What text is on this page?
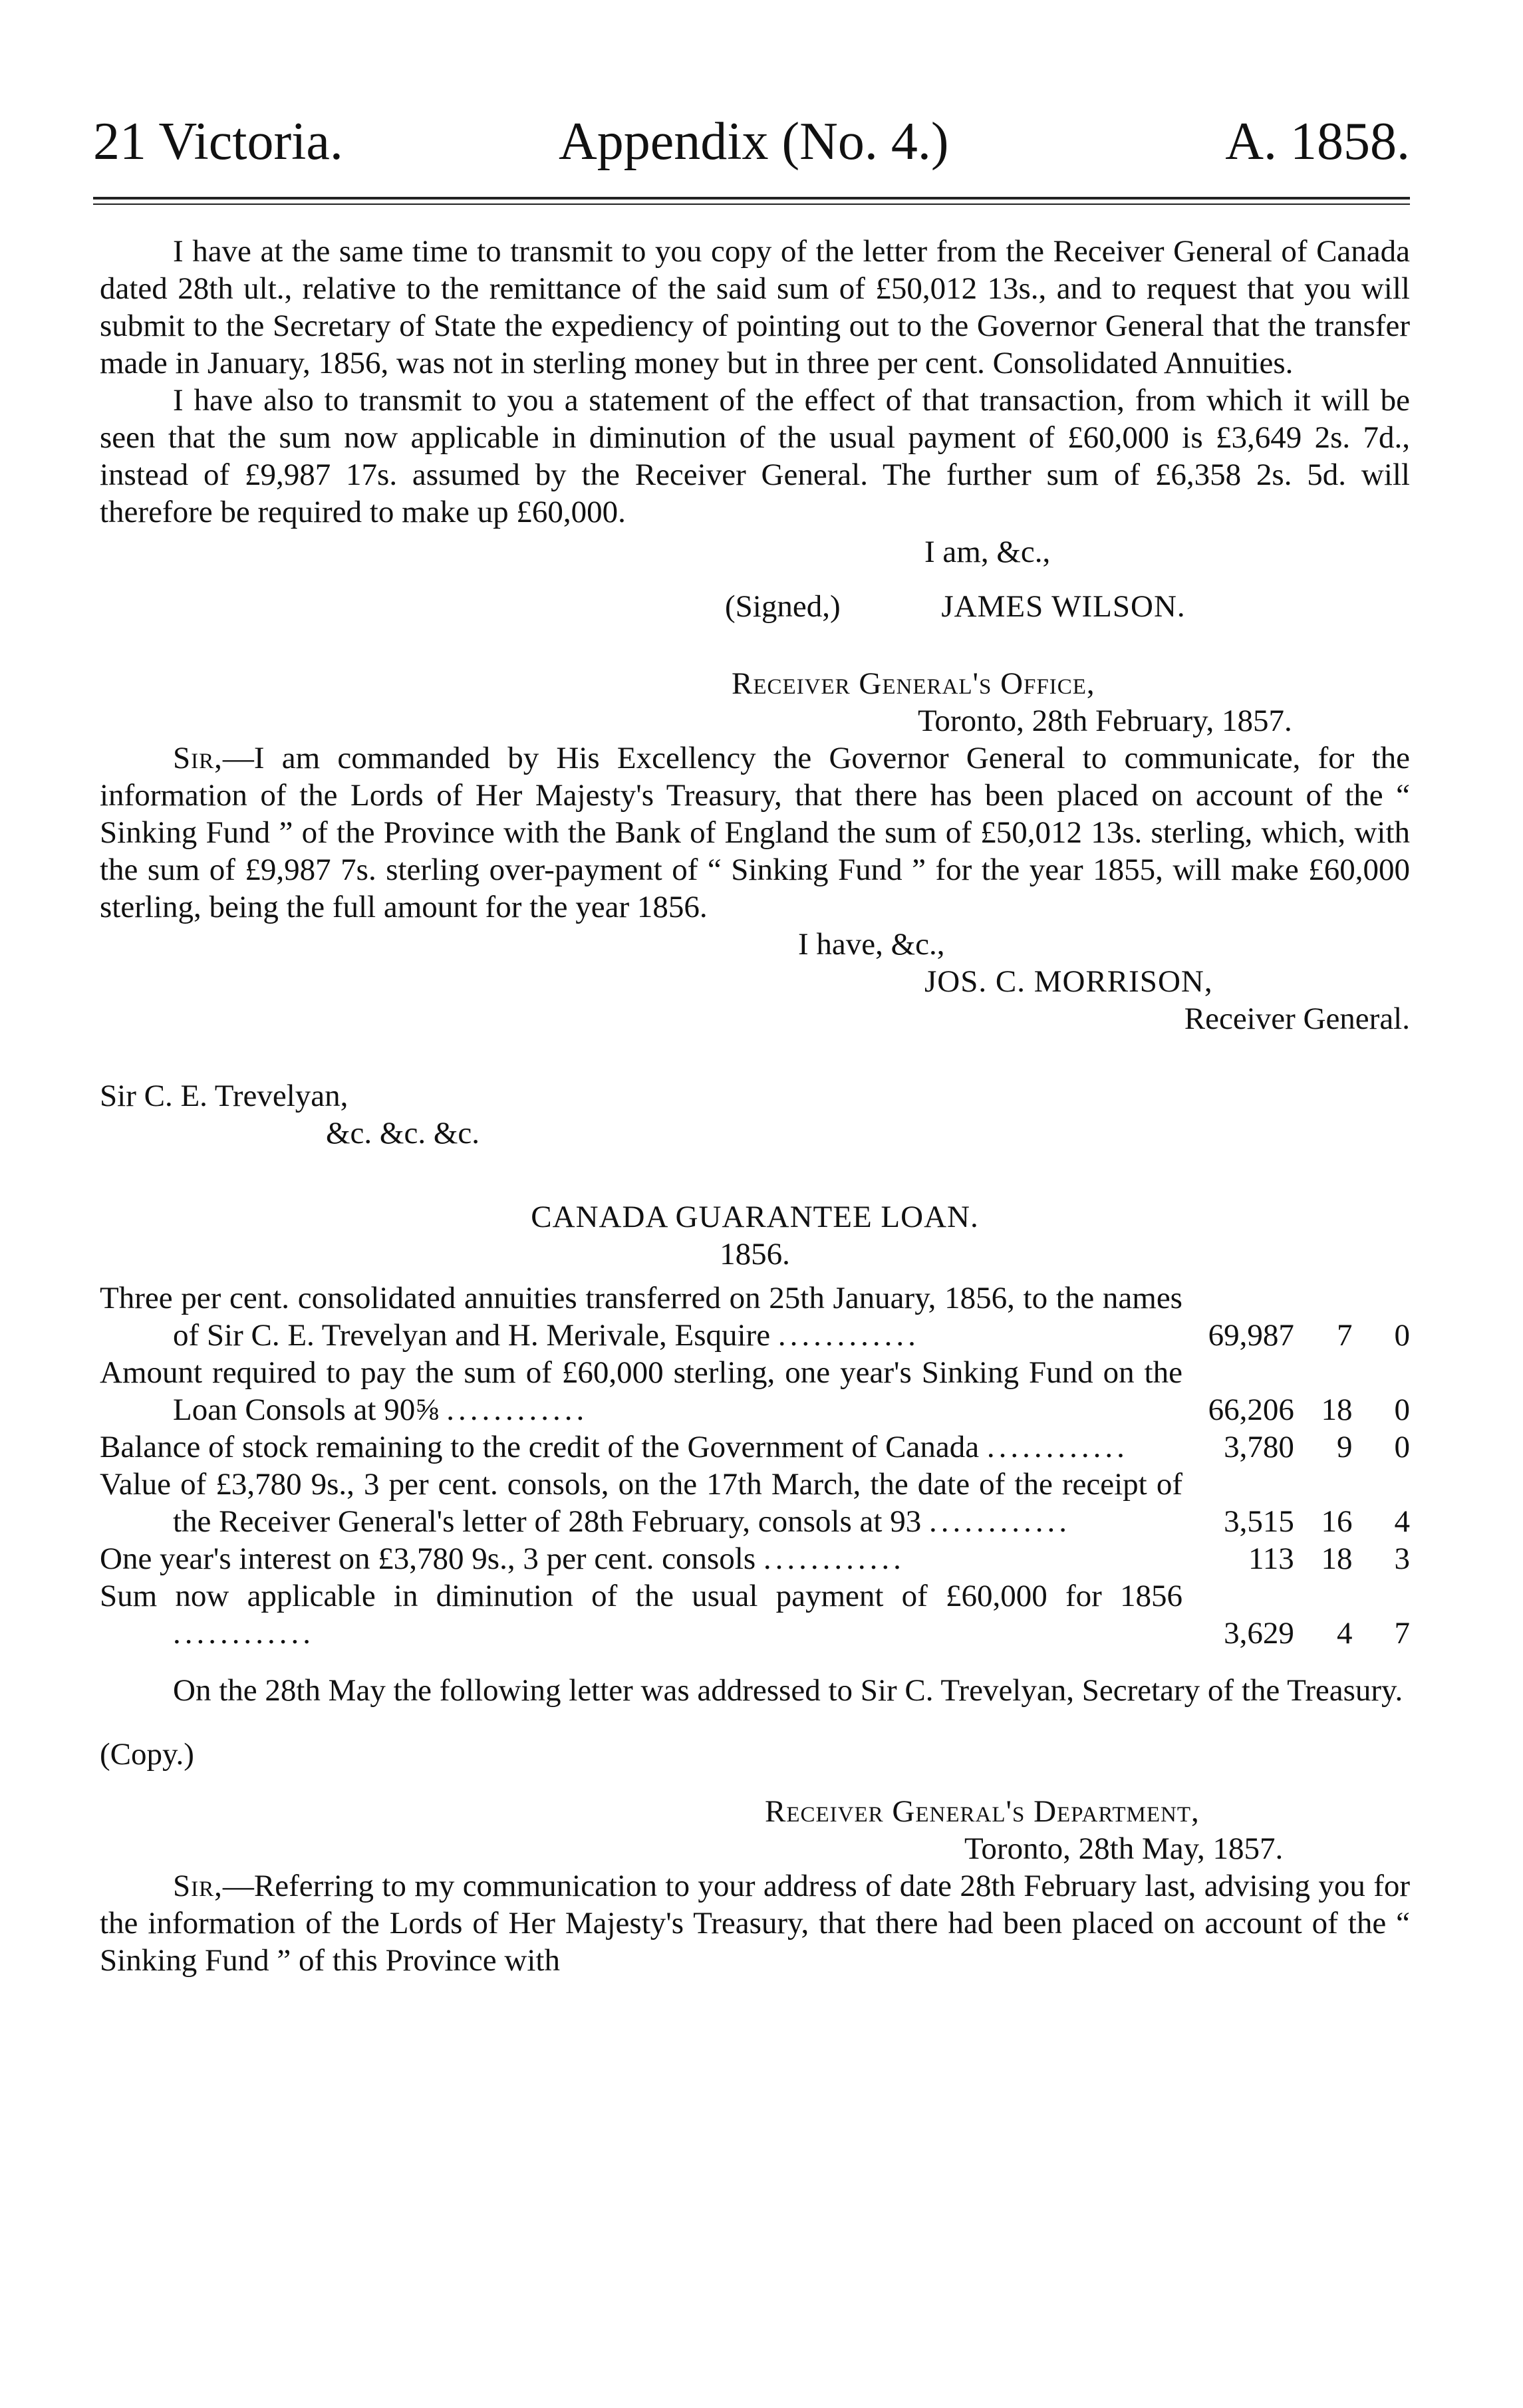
21 Victoria.	Appendix (No. 4.)	A. 1858.

I have at the same time to transmit to you copy of the letter from the Receiver General of Canada dated 28th ult., relative to the remittance of the said sum of £50,012 13s., and to request that you will submit to the Secretary of State the expediency of pointing out to the Governor General that the transfer made in January, 1856, was not in sterling money but in three per cent. Consolidated Annuities.

I have also to transmit to you a statement of the effect of that transaction, from which it will be seen that the sum now applicable in diminution of the usual payment of £60,000 is £3,649 2s. 7d., instead of £9,987 17s. assumed by the Receiver General. The further sum of £6,358 2s. 5d. will therefore be required to make up £60,000.

I am, &c.,
(Signed,)	JAMES WILSON.
Receiver General's Office,
Toronto, 28th February, 1857.

Sir,—I am commanded by His Excellency the Governor General to communicate, for the information of the Lords of Her Majesty's Treasury, that there has been placed on account of the “ Sinking Fund ” of the Province with the Bank of England the sum of £50,012 13s. sterling, which, with the sum of £9,987 7s. sterling over-payment of “ Sinking Fund ” for the year 1855, will make £60,000 sterling, being the full amount for the year 1856.

I have, &c.,
JOS. C. MORRISON,
Receiver General.
Sir C. E. Trevelyan,
&c. &c. &c.
CANADA GUARANTEE LOAN.
1856.
Three per cent. consolidated annuities transferred on 25th January, 1856, to the names of Sir C. E. Trevelyan and H. Merivale, Esquire ............	69,987	7	0
Amount required to pay the sum of £60,000 sterling, one year's Sinking Fund on the Loan Consols at 90⅝ ............	66,206	18	0
Balance of stock remaining to the credit of the Government of Canada ............	3,780	9	0
Value of £3,780 9s., 3 per cent. consols, on the 17th March, the date of the receipt of the Receiver General's letter of 28th February, consols at 93 ............	3,515	16	4
One year's interest on £3,780 9s., 3 per cent. consols ............	113	18	3
Sum now applicable in diminution of the usual payment of £60,000 for 1856 ............	3,629	4	7

On the 28th May the following letter was addressed to Sir C. Trevelyan, Secretary of the Treasury.

(Copy.)
Receiver General's Department,
Toronto, 28th May, 1857.

Sir,—Referring to my communication to your address of date 28th February last, advising you for the information of the Lords of Her Majesty's Treasury, that there had been placed on account of the “ Sinking Fund ” of this Province with
